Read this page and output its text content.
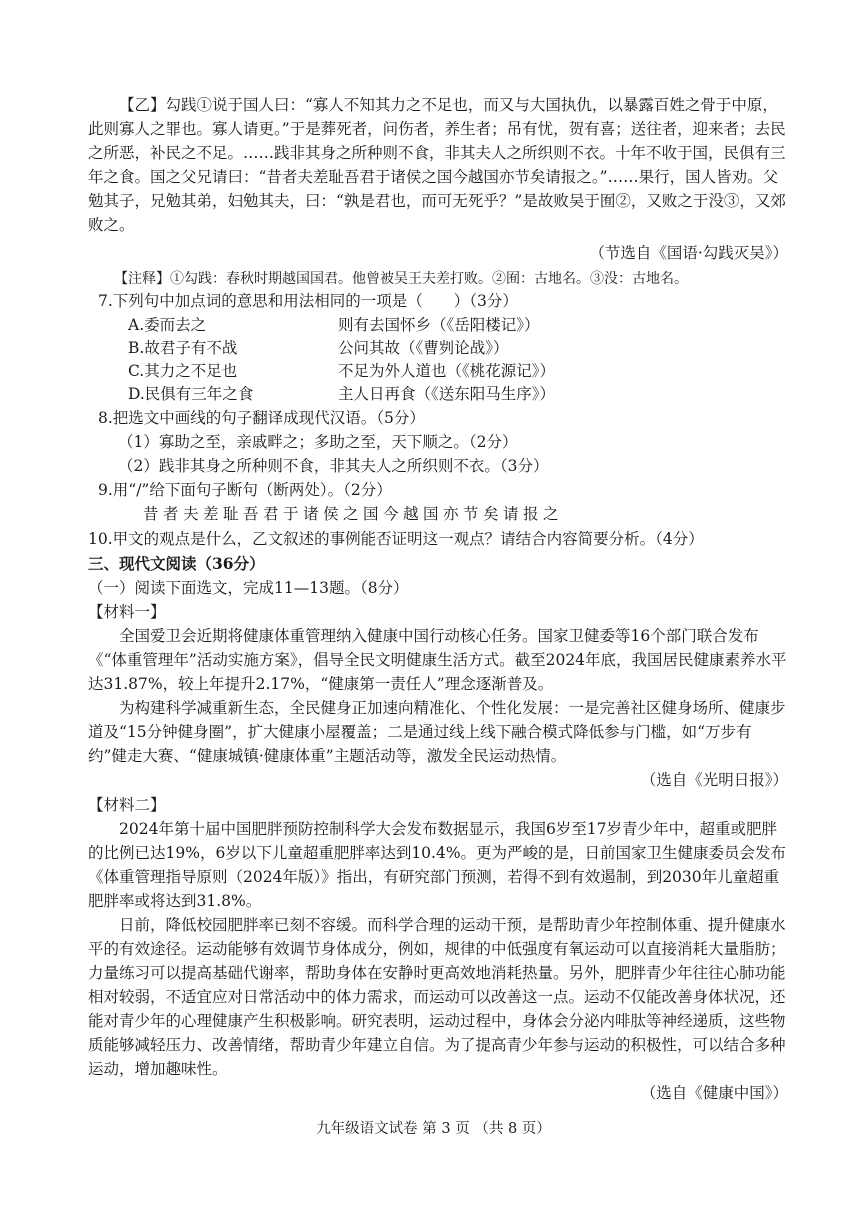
【乙】勾践①说于国人曰：“寡人不知其力之不足也，而又与大国执仇，以暴露百姓之骨于中原，此则寡人之罪也。寡人请更。”于是葬死者，问伤者，养生者；吊有忧，贺有喜；送往者，迎来者；去民之所恶，补民之不足。……践非其身之所种则不食，非其夫人之所织则不衣。十年不收于国，民俱有三年之食。国之父兄请曰：“昔者夫差耻吾君于诸侯之国今越国亦节矣请报之。”……果行，国人皆劝。父勉其子，兄勉其弟，妇勉其夫，曰：“孰是君也，而可无死乎？”是故败吴于囿②，又败之于没③，又郊败之。

（节选自《国语·勾践灭吴》）

【注释】①勾践：春秋时期越国国君。他曾被吴王夫差打败。②囿：古地名。③没：古地名。

7.下列句中加点词的意思和用法相同的一项是（　　）（3分）

A.委而去之	则有去国怀乡（《岳阳楼记》）
B.故君子有不战	公问其故（《曹刿论战》）
C.其力之不足也	不足为外人道也（《桃花源记》）
D.民俱有三年之食	主人日再食（《送东阳马生序》）

8.把选文中画线的句子翻译成现代汉语。（5分）

（1）寡助之至，亲戚畔之；多助之至，天下顺之。（2分）

（2）践非其身之所种则不食，非其夫人之所织则不衣。（3分）

9.用“/”给下面句子断句（断两处）。（2分）

昔者夫差耻吾君于诸侯之国今越国亦节矣请报之

10.甲文的观点是什么，乙文叙述的事例能否证明这一观点？请结合内容简要分析。（4分）

三、现代文阅读（36分）

（一）阅读下面选文，完成11—13题。（8分）

【材料一】

全国爱卫会近期将健康体重管理纳入健康中国行动核心任务。国家卫健委等16个部门联合发布《“体重管理年”活动实施方案》，倡导全民文明健康生活方式。截至2024年底，我国居民健康素养水平达31.87%，较上年提升2.17%，“健康第一责任人”理念逐渐普及。

为构建科学减重新生态，全民健身正加速向精准化、个性化发展：一是完善社区健身场所、健康步道及“15分钟健身圈”，扩大健康小屋覆盖；二是通过线上线下融合模式降低参与门槛，如“万步有约”健走大赛、“健康城镇·健康体重”主题活动等，激发全民运动热情。

（选自《光明日报》）

【材料二】

2024年第十届中国肥胖预防控制科学大会发布数据显示，我国6岁至17岁青少年中，超重或肥胖的比例已达19%，6岁以下儿童超重肥胖率达到10.4%。更为严峻的是，日前国家卫生健康委员会发布《体重管理指导原则（2024年版）》指出，有研究部门预测，若得不到有效遏制，到2030年儿童超重肥胖率或将达到31.8%。

日前，降低校园肥胖率已刻不容缓。而科学合理的运动干预，是帮助青少年控制体重、提升健康水平的有效途径。运动能够有效调节身体成分，例如，规律的中低强度有氧运动可以直接消耗大量脂肪；力量练习可以提高基础代谢率，帮助身体在安静时更高效地消耗热量。另外，肥胖青少年往往心肺功能相对较弱，不适宜应对日常活动中的体力需求，而运动可以改善这一点。运动不仅能改善身体状况，还能对青少年的心理健康产生积极影响。研究表明，运动过程中，身体会分泌内啡肽等神经递质，这些物质能够减轻压力、改善情绪，帮助青少年建立自信。为了提高青少年参与运动的积极性，可以结合多种运动，增加趣味性。

（选自《健康中国》）

九年级语文试卷 第 3 页 （共 8 页）
